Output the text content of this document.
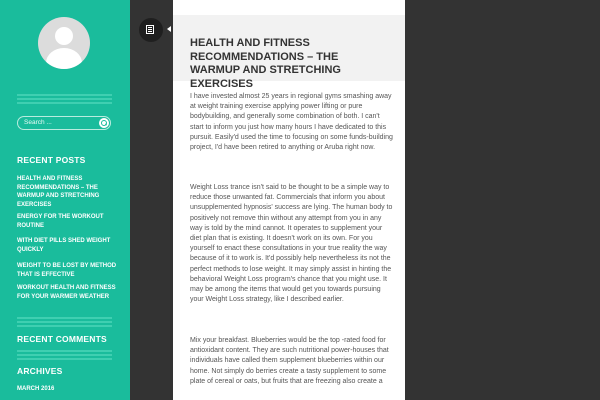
Search ...
RECENT POSTS
HEALTH AND FITNESS RECOMMENDATIONS – THE WARMUP AND STRETCHING EXERCISES
ENERGY FOR THE WORKOUT ROUTINE
WITH DIET PILLS SHED WEIGHT QUICKLY
WEIGHT TO BE LOST BY METHOD THAT IS EFFECTIVE
WORKOUT HEALTH AND FITNESS FOR YOUR WARMER WEATHER
RECENT COMMENTS
ARCHIVES
MARCH 2016
HEALTH AND FITNESS RECOMMENDATIONS – THE WARMUP AND STRETCHING EXERCISES

I have invested almost 25 years in regional gyms smashing away at weight training exercise applying power lifting or pure bodybuilding, and generally some combination of both. I can't start to inform you just how many hours I have dedicated to this pursuit. Easily'd used the time to focusing on some funds-building project, I'd have been retired to anything or Aruba right now.

Weight Loss trance isn't said to be thought to be a simple way to reduce those unwanted fat. Commercials that inform you about unsupplemented hypnosis' success are lying. The human body to positively not remove thin without any attempt from you in any way is told by the mind cannot. It operates to supplement your diet plan that is existing. It doesn't work on its own. For you yourself to enact these consultations in your true reality the way because of it to work is. It'd possibly help nevertheless its not the perfect methods to lose weight. It may simply assist in hinting the behavioral Weight Loss program's chance that you might use. It may be among the items that would get you towards pursuing your Weight Loss strategy, like I described earlier.

Mix your breakfast. Blueberries would be the top -rated food for antioxidant content. They are such nutritional power-houses that individuals have called them supplement blueberries within our home. Not simply do berries create a tasty supplement to some plate of cereal or oats, but fruits that are freezing also create a
